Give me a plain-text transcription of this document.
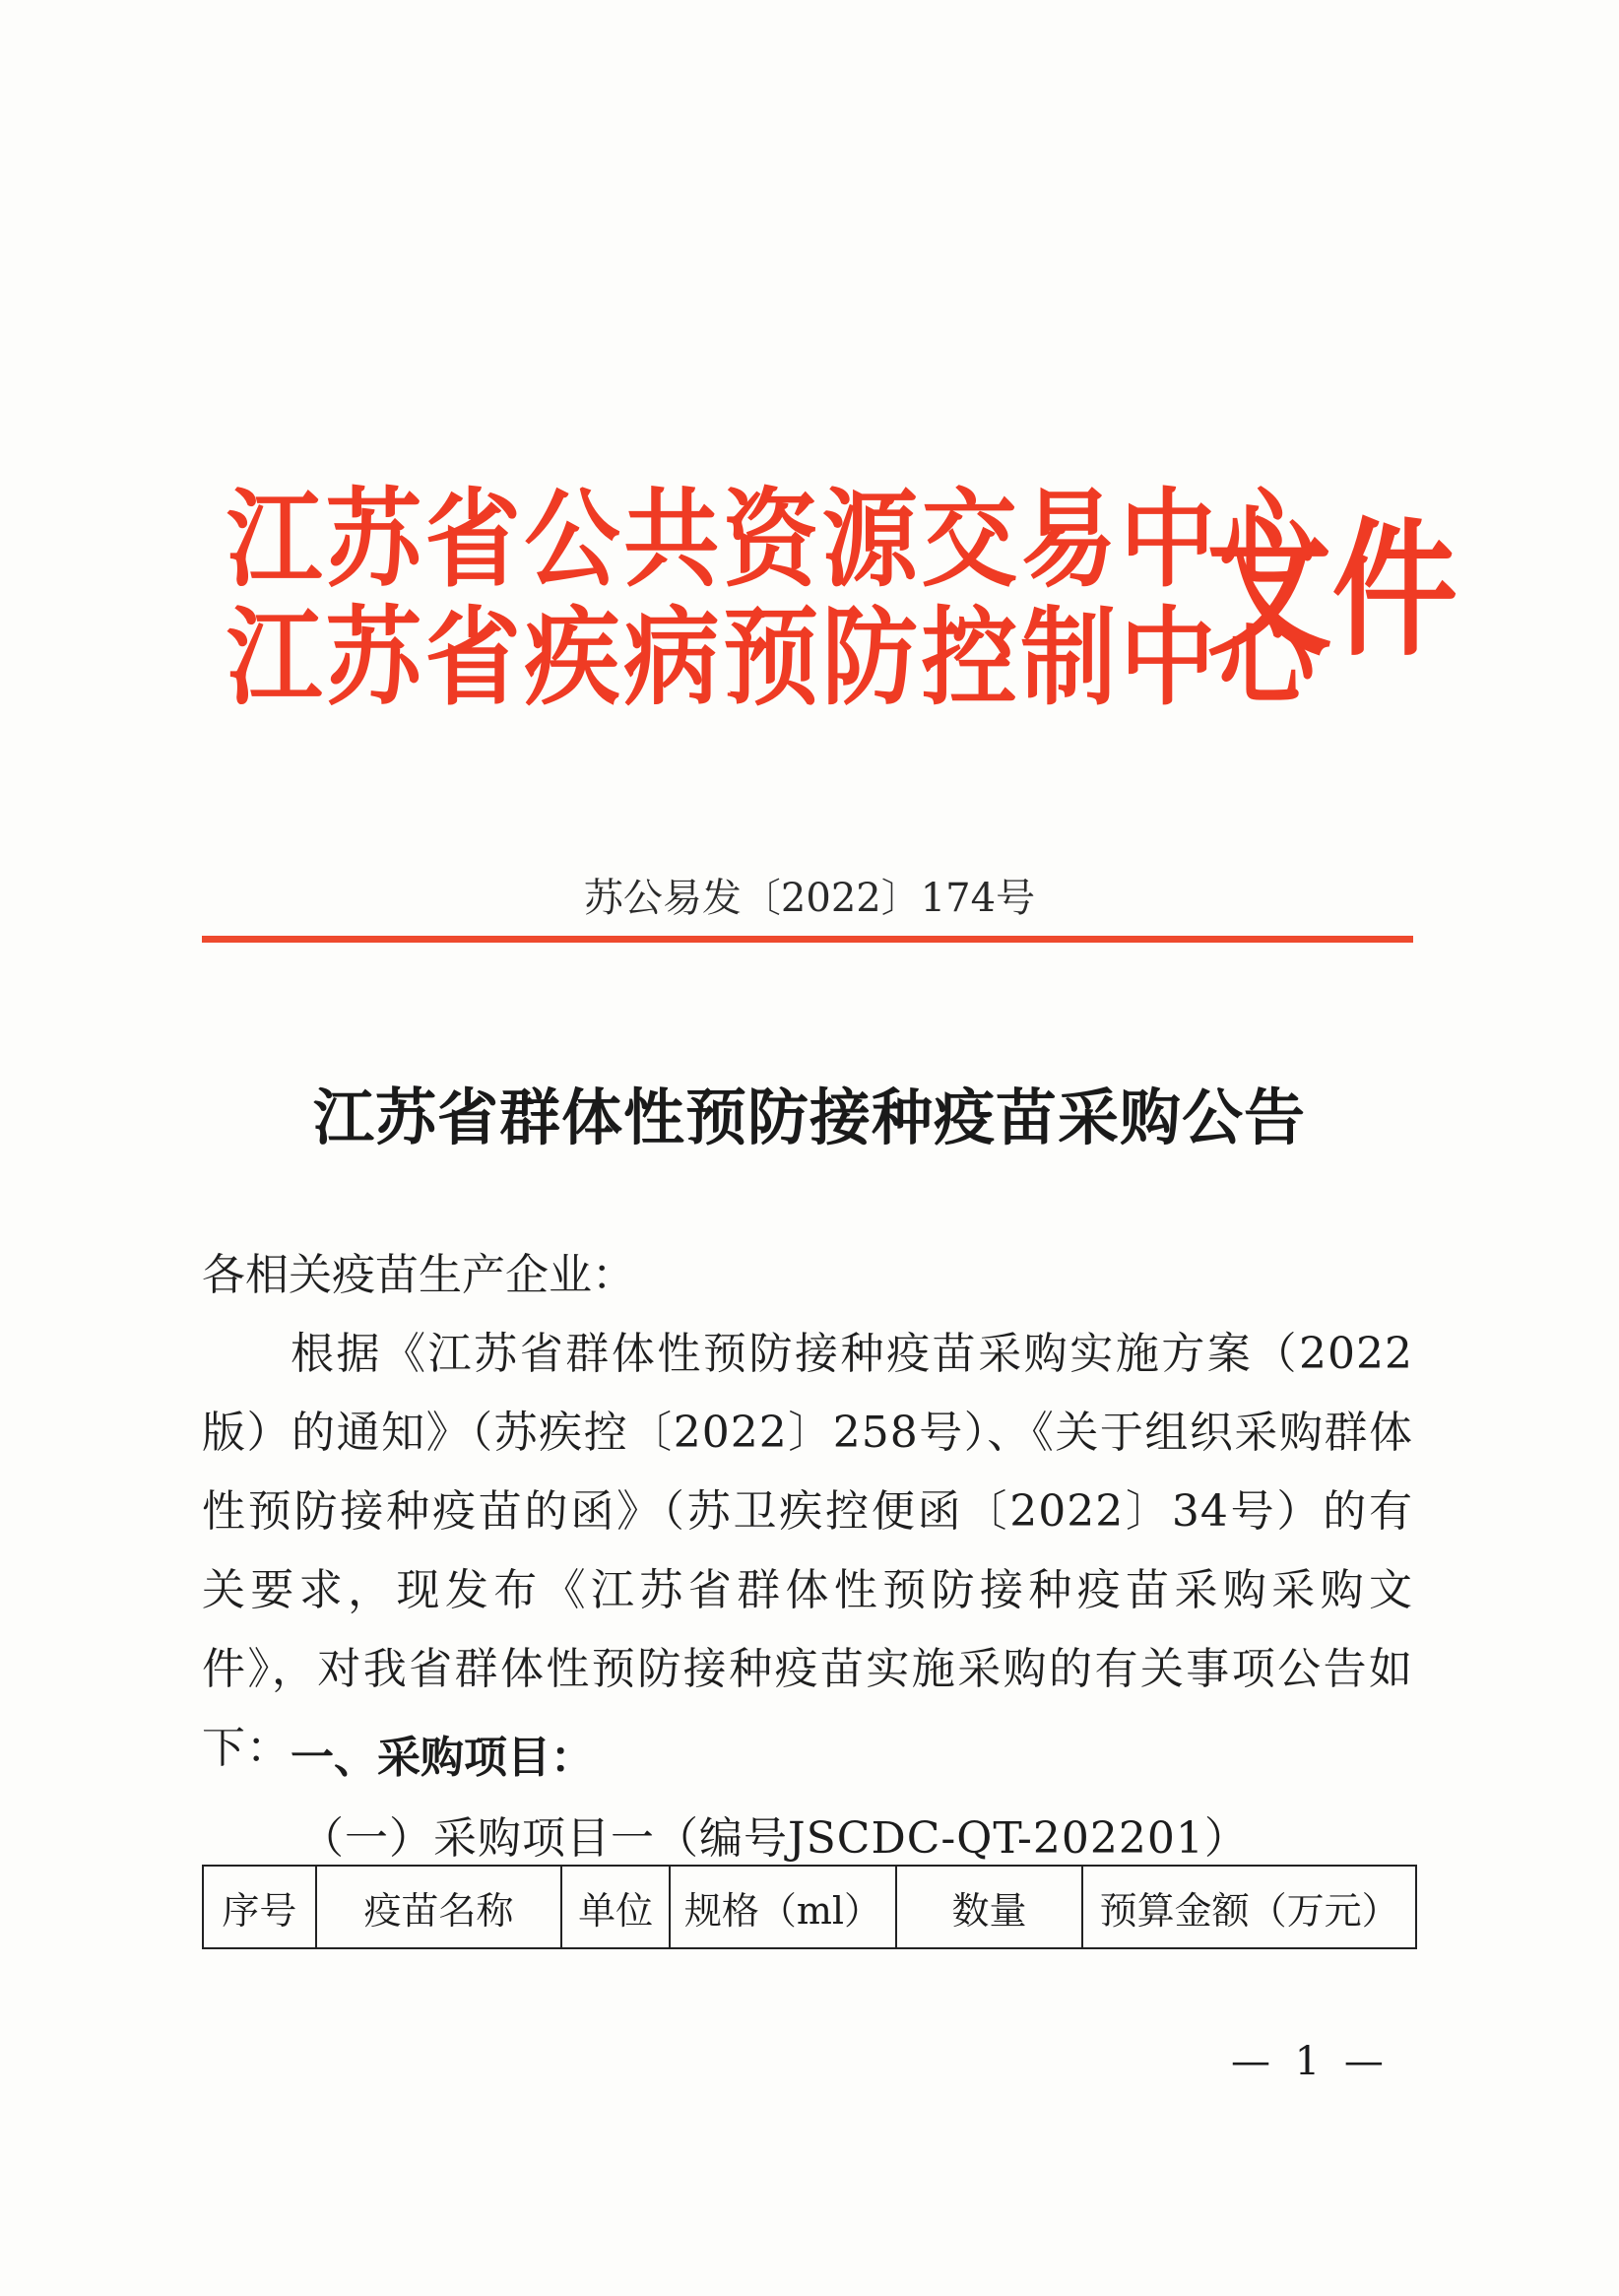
江苏省公共资源交易中心
江苏省疾病预防控制中心
文件
苏公易发〔2022〕174号
江苏省群体性预防接种疫苗采购公告
各相关疫苗生产企业：
根据《江苏省群体性预防接种疫苗采购实施方案（2022版）的通知》（苏疾控〔2022〕258号）、《关于组织采购群体性预防接种疫苗的函》（苏卫疾控便函〔2022〕34号）的有关要求，现发布《江苏省群体性预防接种疫苗采购采购文件》，对我省群体性预防接种疫苗实施采购的有关事项公告如下： 一、采购项目：
（一）采购项目一（编号JSCDC-QT-202201）
序号	疫苗名称	单位	规格（ml）	数量	预算金额（万元）
— 1 —
